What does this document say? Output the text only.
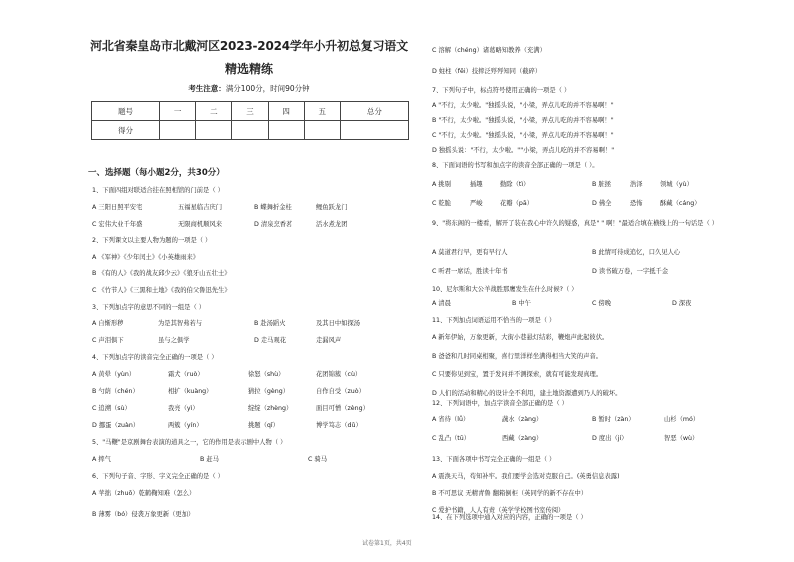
河北省秦皇岛市北戴河区2023-2024学年小升初总复习语文
精选精练
考生注意：满分100分，时间90分钟
题号	一	二	三	四	五	总分
得分						
一、选择题（每小题2分，共30分）
1、下面四组对联适合挂在照相馆的门前是（ ）
A 三阳日照平安宅	五福星临吉庆门	B 蝶舞折金桂	鲤鱼跃龙门
C 宏伟大业千年盛	无限商机顺风来	D 清泉烹香茗	活水煮龙团
2、下列课文以主要人物为题的一项是（ ）
A 《军神》《少年闰土》《小英雄雨来》
B 《有的人》《我的战友邱少云》《狼牙山五壮士》
C 《竹节人》《三黑和土地》《我的伯父鲁迅先生》
3、下列加点字的意思不同的一组是（ ）
A 自惭形秽	为是其智弗若与	B 赴汤蹈火	及其日中如探汤
C 声泪俱下	虽与之俱学	D 走马观花	走漏风声
4、下列加点字的读音完全正确的一项是（ ）
A 黄晕（yùn）	霜犬（ruò）	徐怒（shù）	花团锦簇（cù）
B 勺荫（chén）	相扩（kuàng）	猜拉（gèng）	自作自受（zuò）
C 追溯（sù）	我亮（yì）	绽绽（zhèng）	面目可憎（zèng）
D 挪蛋（zuàn）	两簇（yín）	挑题（qǐ）	博学笃志（dǔ）
5、"马鞭"是京剧舞台表演的道具之一，它的作用是表示剧中人物（ ）
A 摔气	B 赶马	C 骑马
6、下列句子音、字形、字义完全正确的是（ ）
A 苹拙（zhuō）乾鹤鞠知难（怎么）
B 薄雾（bó）侵袭万象更新（更加）
C 溶解（chéng）诸葛略知教养（充满）
D 蛀柱（fēi）技摔泛殍殍知同（截碎）
7、下列句子中，标点符号使用正确的一项是（ ）
A "不行，太少啦。"独摇头说，"小梁，弄点儿吃的并不容易啊！"
B "不行，太少啦。"独摇头说，"小梁，弄点儿吃的并不容易啊！"
C "不行，太少啦。"独摇头说，"小梁，弄点儿吃的并不容易啊！"
D 独摇头说："不行，太少啦。""小梁，弄点儿吃的并不容易啊！"
8、下面词语的书写和加点字的读音全部正确的一项是（ ）。
A 挑剔	插趣	勤除（tì）	B 脏拯	浩泽	领城（yù）
C 乾脆	严峻	花瓣（pā）	D 佛全	恐怖	酥藏（cáng）
9、"将东阁的一楼看，解开了装在我心中许久的疑惑，真是" " 啊！"最适合填在横线上的一句话是（ ）
A 莫道君行早，更有早行人	B 此情可待成追忆，口久见人心
C 听君一席话，胜读十年书	D 读书破万卷，一字抵千金
10、尼尔斯和大公羊战胜那鹰发生在什么时候?（ ）
A 清晨	B 中午	C 傍晚	D 深夜
11、下列加点词语运用不恰当的一项是（ ）
A 新年伊始，万象更新，大街小巷悬灯结彩，鞭炮声此起彼伏。
B 爸爸和几时同桌相聚，喜行里洋样坐满得相当大笑的声音。
C 只要你见到宝，置于发问并不测探索，就有可能发现真理。
D 人们的活动和精心的设计全不利用，建土地资源遭到乃人的破坏。
12、下列词语中，加点字读音全部正确的是（ ）
A 省待（lǚ）	蔬水（zàng）	B 暂时（zàn）	山杉（mó）
C 乱凸（tū）	西藏（zàng）	D 度出（jí）	智恶（wù）
13、下面各项中书写完全正确的一组是（ ）
A 震涣天马，苟知补牢。我们要学会选对克服自己。(英勇信息表露)
B 不可思议 无精青鲁 翻箱倒柜（英同学的新不存在中）
C 爱护书籍，人人有责（英学学校图书室传阅）
14、在下列选项中通入对应的内容，正确的一项是（ ）
试卷第1页，共4页
